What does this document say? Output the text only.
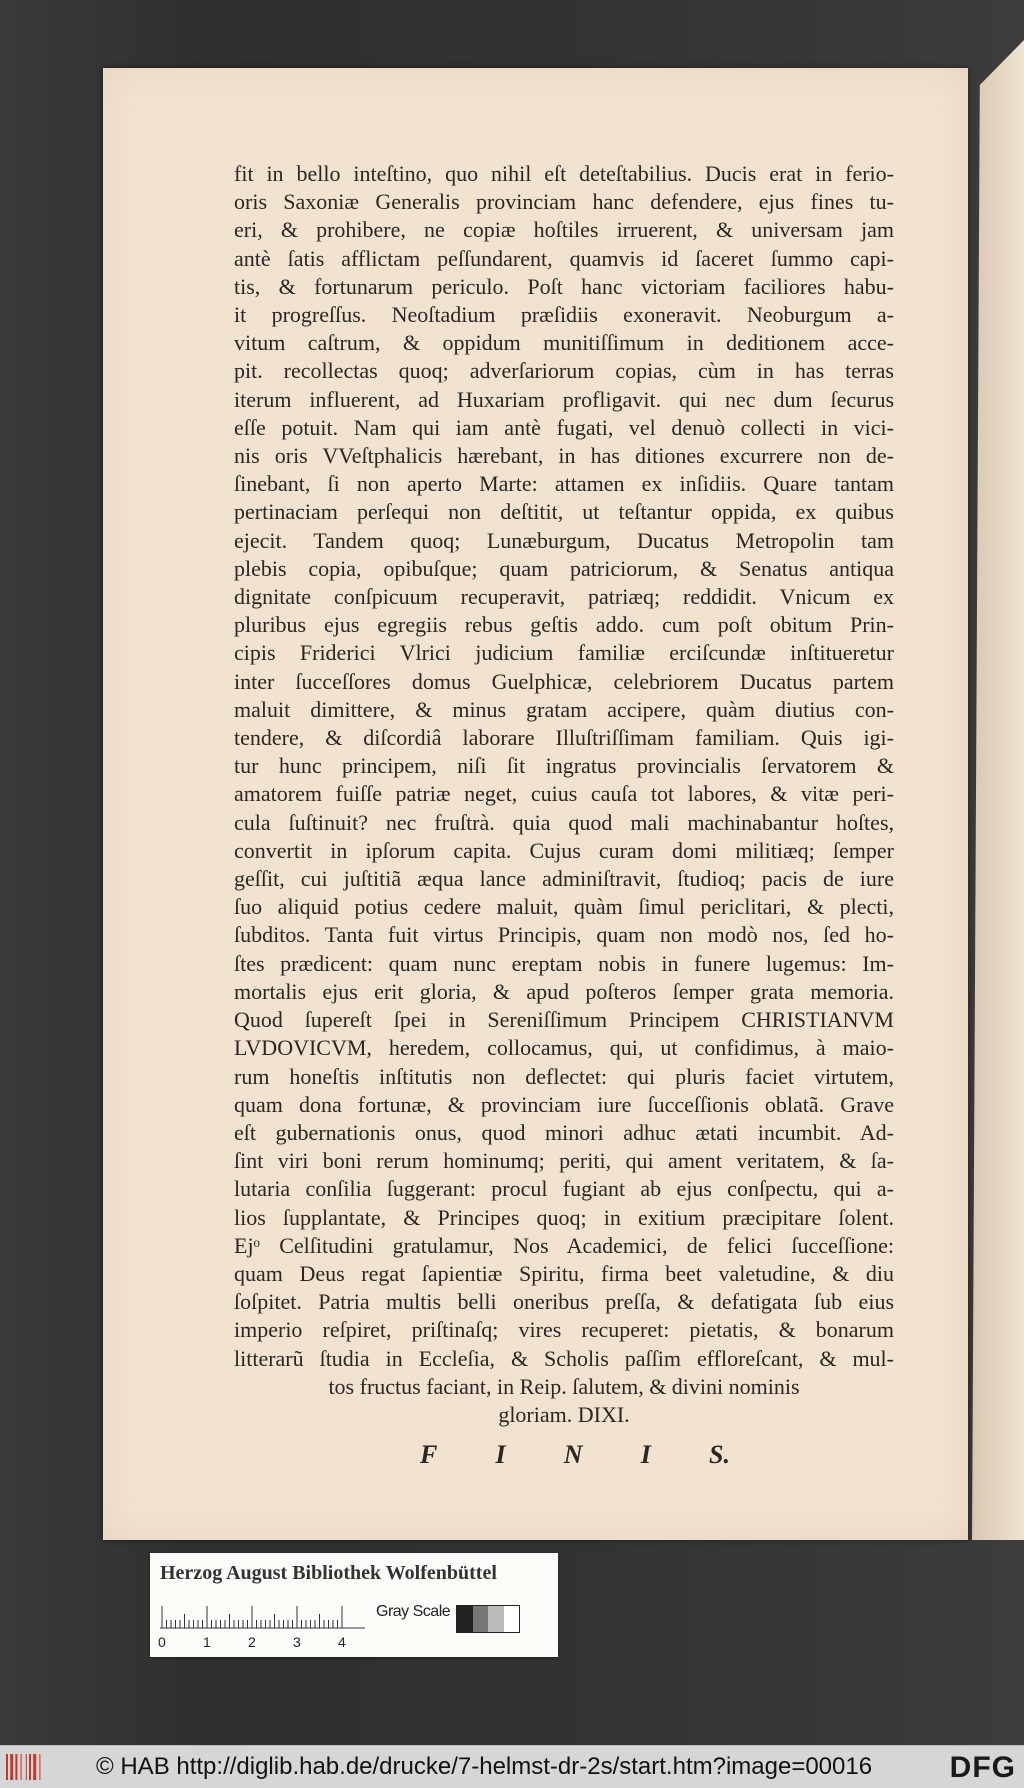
fit in bello inteſtino, quo nihil eſt deteſtabilius. Ducis erat in ferio-
oris Saxoniæ Generalis provinciam hanc defendere, ejus fines tu-
eri, & prohibere, ne copiæ hoſtiles irruerent, & universam jam
antè ſatis afflictam peſſundarent, quamvis id ſaceret ſummo capi-
tis, & fortunarum periculo. Poſt hanc victoriam faciliores habu-
it progreſſus. Neoſtadium præſidiis exoneravit. Neoburgum a-
vitum caſtrum, & oppidum munitiſſimum in deditionem acce-
pit. recollectas quoq; adverſariorum copias, cùm in has terras
iterum influerent, ad Huxariam profligavit. qui nec dum ſecurus
eſſe potuit. Nam qui iam antè fugati, vel denuò collecti in vici-
nis oris VVeſtphalicis hærebant, in has ditiones excurrere non de-
ſinebant, ſi non aperto Marte: attamen ex inſidiis. Quare tantam
pertinaciam perſequi non deſtitit, ut teſtantur oppida, ex quibus
ejecit. Tandem quoq; Lunæburgum, Ducatus Metropolin tam
plebis copia, opibuſque; quam patriciorum, & Senatus antiqua
dignitate conſpicuum recuperavit, patriæq; reddidit. Vnicum ex
pluribus ejus egregiis rebus geſtis addo. cum poſt obitum Prin-
cipis Friderici Vlrici judicium familiæ erciſcundæ inſtitueretur
inter ſucceſſores domus Guelphicæ, celebriorem Ducatus partem
maluit dimittere, & minus gratam accipere, quàm diutius con-
tendere, & diſcordiâ laborare Illuſtriſſimam familiam. Quis igi-
tur hunc principem, niſi ſit ingratus provincialis ſervatorem &
amatorem fuiſſe patriæ neget, cuius cauſa tot labores, & vitæ peri-
cula ſuſtinuit? nec fruſtrà. quia quod mali machinabantur hoſtes,
convertit in ipſorum capita. Cujus curam domi militiæq; ſemper
geſſit, cui juſtitiã æqua lance adminiſtravit, ſtudioq; pacis de iure
ſuo aliquid potius cedere maluit, quàm ſimul periclitari, & plecti,
ſubditos. Tanta fuit virtus Principis, quam non modò nos, ſed ho-
ſtes prædicent: quam nunc ereptam nobis in funere lugemus: Im-
mortalis ejus erit gloria, & apud poſteros ſemper grata memoria.
Quod ſupereſt ſpei in Sereniſſimum Principem CHRISTIANVM
LVDOVICVM, heredem, collocamus, qui, ut confidimus, à maio-
rum honeſtis inſtitutis non deflectet: qui pluris faciet virtutem,
quam dona fortunæ, & provinciam iure ſucceſſionis oblatã. Grave
eſt gubernationis onus, quod minori adhuc ætati incumbit. Ad-
ſint viri boni rerum hominumq; periti, qui ament veritatem, & ſa-
lutaria conſilia ſuggerant: procul fugiant ab ejus conſpectu, qui a-
lios ſupplantate, & Principes quoq; in exitium præcipitare ſolent.
Ejᵒ Celſitudini gratulamur, Nos Academici, de felici ſucceſſione:
quam Deus regat ſapientiæ Spiritu, firma beet valetudine, & diu
ſoſpitet. Patria multis belli oneribus preſſa, & defatigata ſub eius
imperio reſpiret, priſtinaſq; vires recuperet: pietatis, & bonarum
litterarũ ſtudia in Eccleſia, & Scholis paſſim effloreſcant, & mul-
tos fructus faciant, in Reip. ſalutem, & divini nominis
gloriam. DIXI.
F I N I S.
Herzog August Bibliothek Wolfenbüttel
0	1	2	3	4
Gray Scale
© HAB http://diglib.hab.de/drucke/7-helmst-dr-2s/start.htm?image=00016	DFG
